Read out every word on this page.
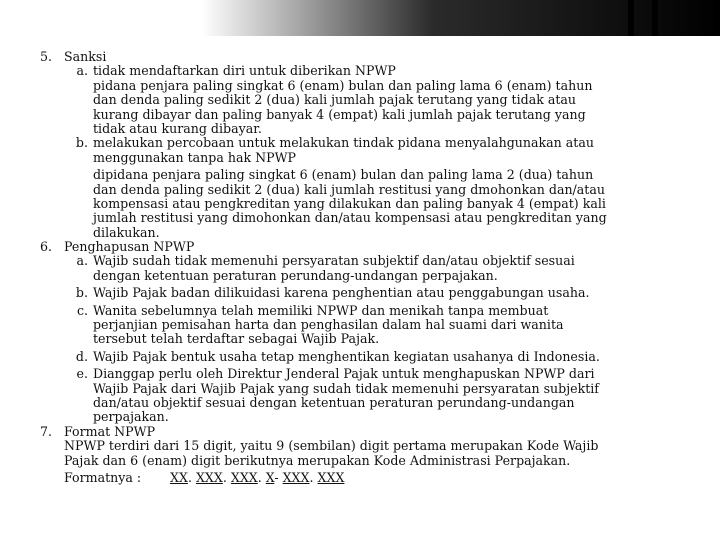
5. Sanksi
a. tidak mendaftarkan diri untuk diberikan NPWP
pidana penjara paling singkat 6 (enam) bulan dan paling lama 6 (enam) tahun
dan denda paling sedikit 2 (dua) kali jumlah pajak terutang yang tidak atau
kurang dibayar dan paling banyak 4 (empat) kali jumlah pajak terutang yang
tidak atau kurang dibayar.
b. melakukan percobaan untuk melakukan tindak pidana menyalahgunakan atau
menggunakan tanpa hak NPWP
dipidana penjara paling singkat 6 (enam) bulan dan paling lama 2 (dua) tahun
dan denda paling sedikit 2 (dua) kali jumlah restitusi yang dmohonkan dan/atau
kompensasi atau pengkreditan yang dilakukan dan paling banyak 4 (empat) kali
jumlah restitusi yang dimohonkan dan/atau kompensasi atau pengkreditan yang
dilakukan.
6. Penghapusan NPWP
a. Wajib sudah tidak memenuhi persyaratan subjektif dan/atau objektif sesuai
dengan ketentuan peraturan perundang-undangan perpajakan.
b. Wajib Pajak badan dilikuidasi karena penghentian atau penggabungan usaha.
c. Wanita sebelumnya telah memiliki NPWP dan menikah tanpa membuat
perjanjian pemisahan harta dan penghasilan dalam hal suami dari wanita
tersebut telah terdaftar sebagai Wajib Pajak.
d. Wajib Pajak bentuk usaha tetap menghentikan kegiatan usahanya di Indonesia.
e. Dianggap perlu oleh Direktur Jenderal Pajak untuk menghapuskan NPWP dari
Wajib Pajak dari Wajib Pajak yang sudah tidak memenuhi persyaratan subjektif
dan/atau objektif sesuai dengan ketentuan peraturan perundang-undangan
perpajakan.
7. Format NPWP
NPWP terdiri dari 15 digit, yaitu 9 (sembilan) digit pertama merupakan Kode Wajib
Pajak dan 6 (enam) digit berikutnya merupakan Kode Administrasi Perpajakan.
Formatnya : XX. XXX. XXX. X- XXX. XXX
